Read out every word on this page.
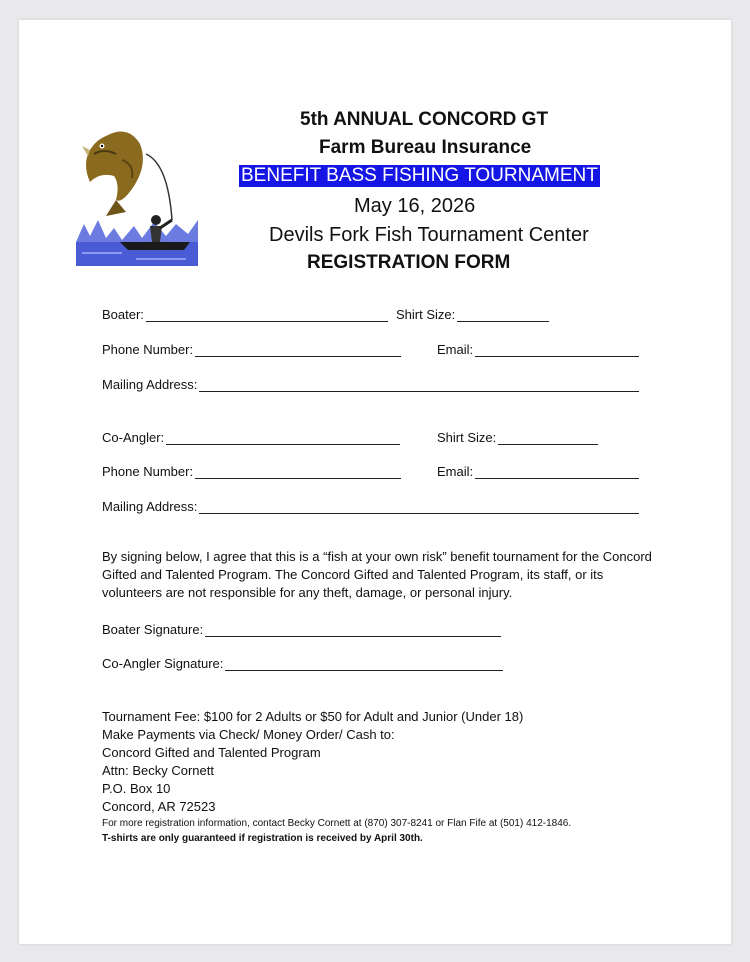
5th ANNUAL CONCORD GT
Farm Bureau Insurance
BENEFIT BASS FISHING TOURNAMENT
May 16, 2026
Devils Fork Fish Tournament Center
REGISTRATION FORM
Boater:	Shirt Size:
Phone Number:	Email:
Mailing Address:
Co-Angler:	Shirt Size:
Phone Number:	Email:
Mailing Address:
By signing below, I agree that this is a “fish at your own risk” benefit tournament for the Concord Gifted and Talented Program. The Concord Gifted and Talented Program, its staff, or its volunteers are not responsible for any theft, damage, or personal injury.
Boater Signature:
Co-Angler Signature:
Tournament Fee: $100 for 2 Adults or $50 for Adult and Junior (Under 18)
Make Payments via Check/ Money Order/ Cash to:
Concord Gifted and Talented Program
Attn: Becky Cornett
P.O. Box 10
Concord, AR 72523
For more registration information, contact Becky Cornett at (870) 307-8241 or Flan Fife at (501) 412-1846.
T-shirts are only guaranteed if registration is received by April 30th.
